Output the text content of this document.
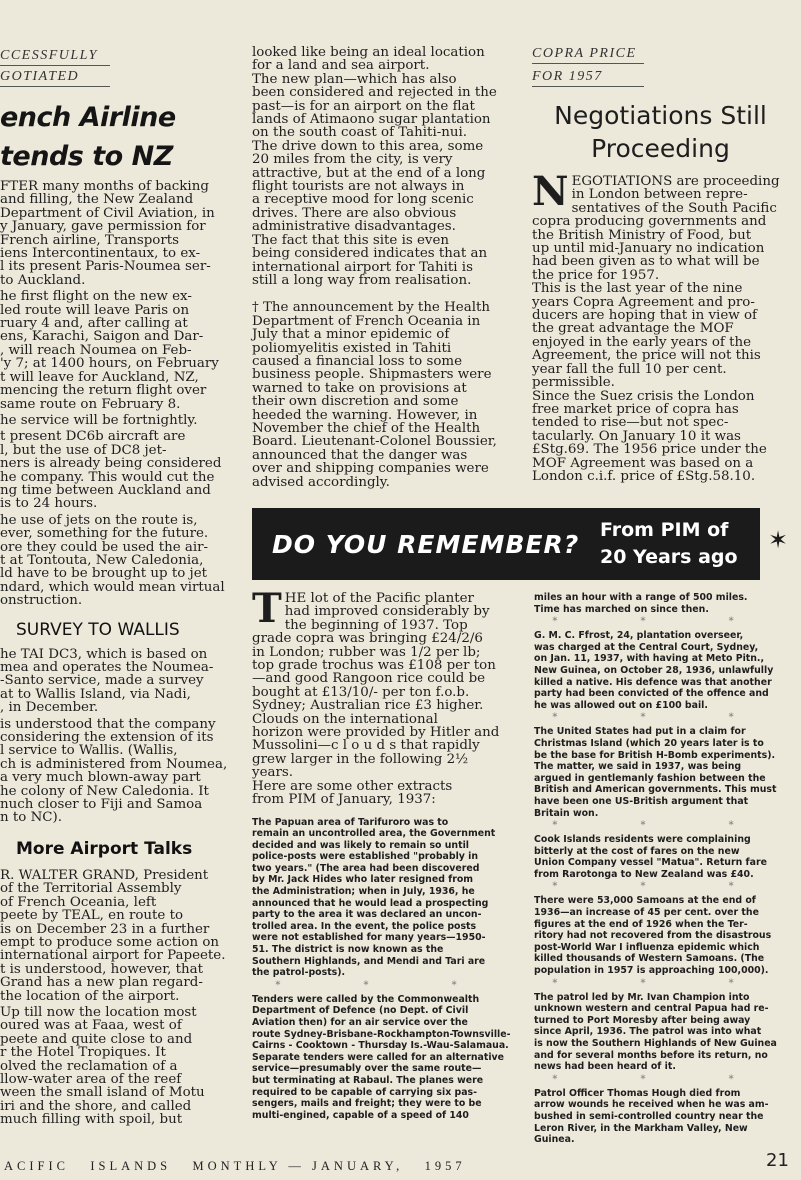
CCESSFULLY
GOTIATED
ench Airline
tends to NZ

FTER many months of backing
and filling, the New Zealand
Department of Civil Aviation, in
y January, gave permission for
French airline, Transports
iens Intercontinentaux, to ex-
l its present Paris-Noumea ser-
to Auckland.

he first flight on the new ex-
led route will leave Paris on
ruary 4 and, after calling at
ens, Karachi, Saigon and Dar-
, will reach Noumea on Feb-
'y 7; at 1400 hours, on February
t will leave for Auckland, NZ,
mencing the return flight over
same route on February 8.

he service will be fortnightly.

t present DC6b aircraft are
l, but the use of DC8 jet-
ners is already being considered
he company. This would cut the
ng time between Auckland and
is to 24 hours.

he use of jets on the route is,
ever, something for the future.
ore they could be used the air-
t at Tontouta, New Caledonia,
ld have to be brought up to jet
ndard, which would mean virtual
onstruction.

SURVEY TO WALLIS

he TAI DC3, which is based on
mea and operates the Noumea-
-Santo service, made a survey
at to Wallis Island, via Nadi,
, in December.

is understood that the company
considering the extension of its
l service to Wallis. (Wallis,
ch is administered from Noumea,
a very much blown-away part
he colony of New Caledonia. It
nuch closer to Fiji and Samoa
n to NC).

More Airport Talks

R. WALTER GRAND, President
of the Territorial Assembly
of French Oceania, left
peete by TEAL, en route to
is on December 23 in a further
empt to produce some action on
international airport for Papeete.
t is understood, however, that
Grand has a new plan regard-
the location of the airport.

Up till now the location most
oured was at Faaa, west of
peete and quite close to and
r the Hotel Tropiques. It
olved the reclamation of a
llow-water area of the reef
ween the small island of Motu
iri and the shore, and called
much filling with spoil, but

looked like being an ideal location
for a land and sea airport.

The new plan—which has also
been considered and rejected in the
past—is for an airport on the flat
lands of Atimaono sugar plantation
on the south coast of Tahiti-nui.

The drive down to this area, some
20 miles from the city, is very
attractive, but at the end of a long
flight tourists are not always in
a receptive mood for long scenic
drives. There are also obvious
administrative disadvantages.

The fact that this site is even
being considered indicates that an
international airport for Tahiti is
still a long way from realisation.

† The announcement by the Health
Department of French Oceania in
July that a minor epidemic of
poliomyelitis existed in Tahiti
caused a financial loss to some
business people. Shipmasters were
warned to take on provisions at
their own discretion and some
heeded the warning. However, in
November the chief of the Health
Board. Lieutenant-Colonel Boussier,
announced that the danger was
over and shipping companies were
advised accordingly.

COPRA PRICE
FOR 1957
Negotiations Still
Proceeding
N EGOTIATIONS are proceeding
in London between repre-
sentatives of the South Pacific
copra producing governments and
the British Ministry of Food, but
up until mid-January no indication
had been given as to what will be
the price for 1957.

This is the last year of the nine
years Copra Agreement and pro-
ducers are hoping that in view of
the great advantage the MOF
enjoyed in the early years of the
Agreement, the price will not this
year fall the full 10 per cent.
permissible.

Since the Suez crisis the London
free market price of copra has
tended to rise—but not spec-
tacularly. On January 10 it was
£Stg.69. The 1956 price under the
MOF Agreement was based on a
London c.i.f. price of £Stg.58.10.

DO YOU REMEMBER? From PIM of
20 Years ago
✶
T HE lot of the Pacific planter
had improved considerably by
the beginning of 1937. Top
grade copra was bringing £24/2/6
in London; rubber was 1/2 per lb;
top grade trochus was £108 per ton
—and good Rangoon rice could be
bought at £13/10/- per ton f.o.b.
Sydney; Australian rice £3 higher.

Clouds on the international
horizon were provided by Hitler and
Mussolini—c l o u d s that rapidly
grew larger in the following 2½
years.

Here are some other extracts
from PIM of January, 1937:

The Papuan area of Tarifuroro was to
remain an uncontrolled area, the Government
decided and was likely to remain so until
police-posts were established "probably in
two years." (The area had been discovered
by Mr. Jack Hides who later resigned from
the Administration; when in July, 1936, he
announced that he would lead a prospecting
party to the area it was declared an uncon-
trolled area. In the event, the police posts
were not established for many years—1950-
51. The district is now known as the
Southern Highlands, and Mendi and Tari are
the patrol-posts).

* * *

Tenders were called by the Commonwealth
Department of Defence (no Dept. of Civil
Aviation then) for an air service over the
route Sydney-Brisbane-Rockhampton-Townsville-
Cairns - Cooktown - Thursday Is.-Wau-Salamaua.
Separate tenders were called for an alternative
service—presumably over the same route—
but terminating at Rabaul. The planes were
required to be capable of carrying six pas-
sengers, mails and freight; they were to be
multi-engined, capable of a speed of 140

miles an hour with a range of 500 miles.
Time has marched on since then.

* * *

G. M. C. Ffrost, 24, plantation overseer,
was charged at the Central Court, Sydney,
on Jan. 11, 1937, with having at Meto Pitn.,
New Guinea, on October 28, 1936, unlawfully
killed a native. His defence was that another
party had been convicted of the offence and
he was allowed out on £100 bail.

* * *

The United States had put in a claim for
Christmas Island (which 20 years later is to
be the base for British H-Bomb experiments).
The matter, we said in 1937, was being
argued in gentlemanly fashion between the
British and American governments. This must
have been one US-British argument that
Britain won.

* * *

Cook Islands residents were complaining
bitterly at the cost of fares on the new
Union Company vessel "Matua". Return fare
from Rarotonga to New Zealand was £40.

* * *

There were 53,000 Samoans at the end of
1936—an increase of 45 per cent. over the
figures at the end of 1926 when the Ter-
ritory had not recovered from the disastrous
post-World War I influenza epidemic which
killed thousands of Western Samoans. (The
population in 1957 is approaching 100,000).

* * *

The patrol led by Mr. Ivan Champion into
unknown western and central Papua had re-
turned to Port Moresby after being away
since April, 1936. The patrol was into what
is now the Southern Highlands of New Guinea
and for several months before its return, no
news had been heard of it.

* * *

Patrol Officer Thomas Hough died from
arrow wounds he received when he was am-
bushed in semi-controlled country near the
Leron River, in the Markham Valley, New
Guinea.

ACIFIC   ISLANDS   MONTHLY — JANUARY,   1957	21
